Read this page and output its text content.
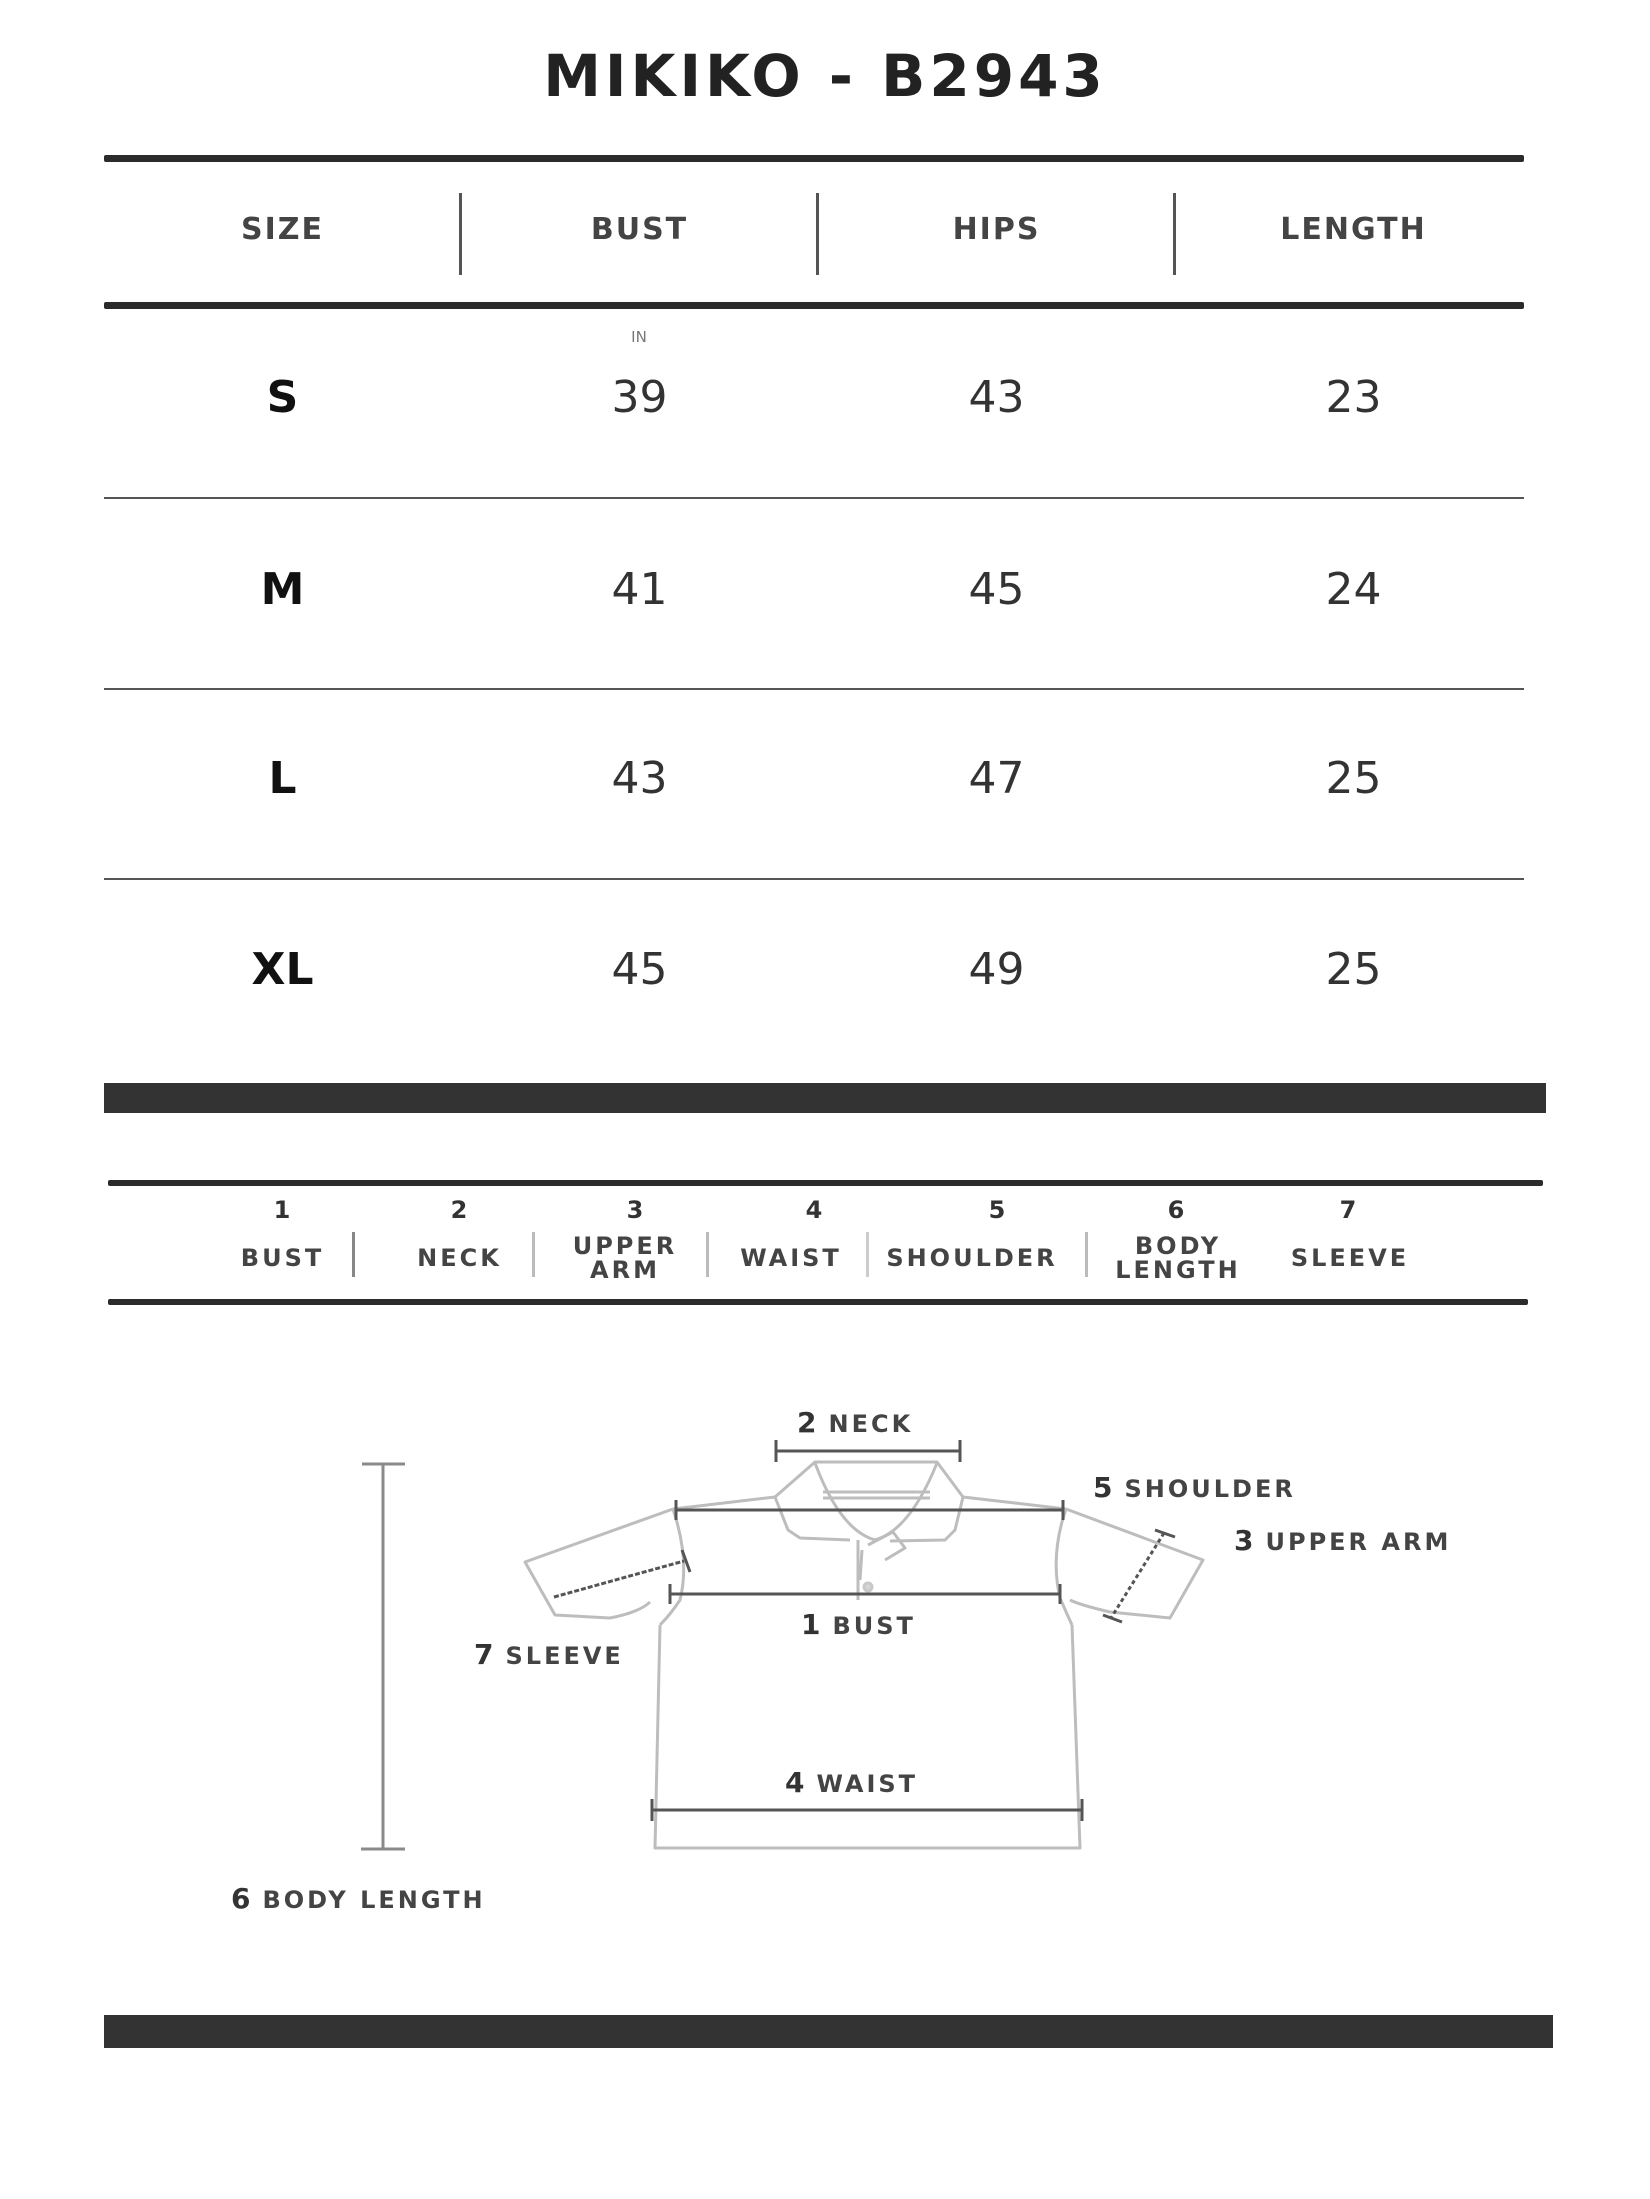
MIKIKO - B2943
SIZE	BUST	HIPS	LENGTH
IN
S	39	43	23
M	41	45	24
L	43	47	25
XL	45	49	25
1
BUST
2
NECK
3
UPPER
ARM
4
WAIST
5
SHOULDER
6
BODY
LENGTH
7
SLEEVE
2 NECK
5 SHOULDER
3 UPPER ARM
1 BUST
7 SLEEVE
4 WAIST
6 BODY LENGTH
